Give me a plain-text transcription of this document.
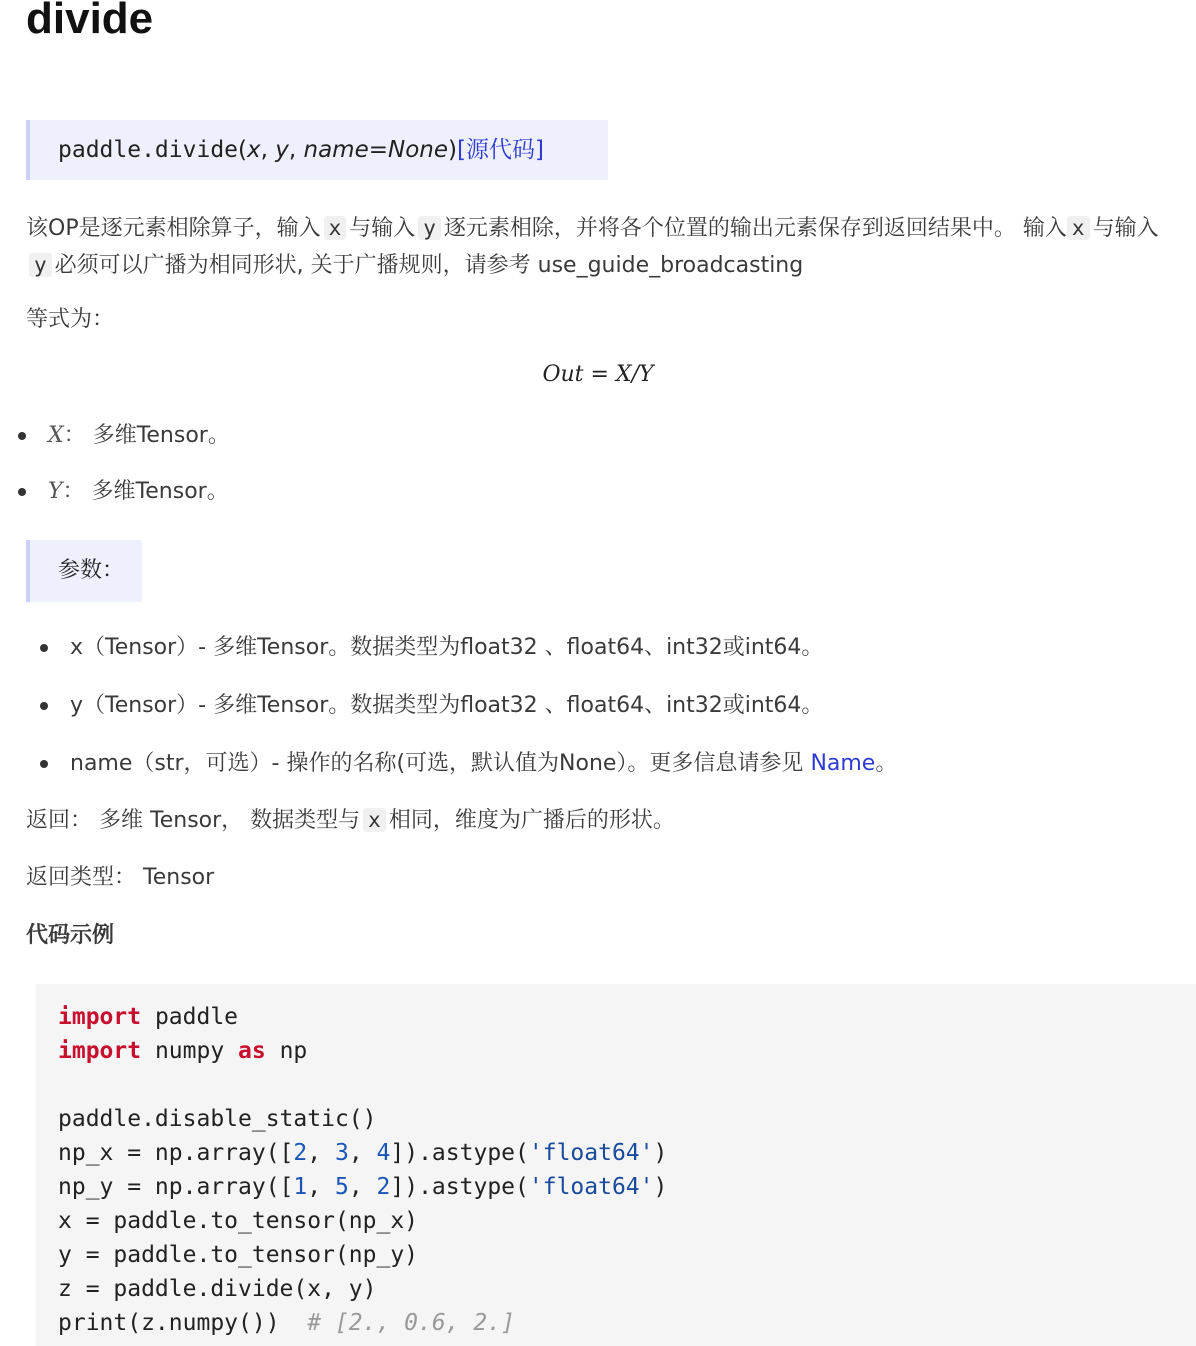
divide
paddle.divide(x, y, name=None)[源代码]

该OP是逐元素相除算子，输入 x 与输入 y 逐元素相除，并将各个位置的输出元素保存到返回结果中。 输入 x 与输入y 必须可以广播为相同形状, 关于广播规则，请参考 use_guide_broadcasting

等式为：

Out = X/Y
X： 多维Tensor。
Y： 多维Tensor。
参数：
x（Tensor）- 多维Tensor。数据类型为float32 、float64、int32或int64。
y（Tensor）- 多维Tensor。数据类型为float32 、float64、int32或int64。
name（str，可选）- 操作的名称(可选，默认值为None）。更多信息请参见 Name。

返回： 多维 Tensor， 数据类型与 x 相同，维度为广播后的形状。

返回类型： Tensor

代码示例

import paddle
import numpy as np
paddle.disable_static()
np_x = np.array([2, 3, 4]).astype('float64')
np_y = np.array([1, 5, 2]).astype('float64')
x = paddle.to_tensor(np_x)
y = paddle.to_tensor(np_y)
z = paddle.divide(x, y)
print(z.numpy())  # [2., 0.6, 2.]
